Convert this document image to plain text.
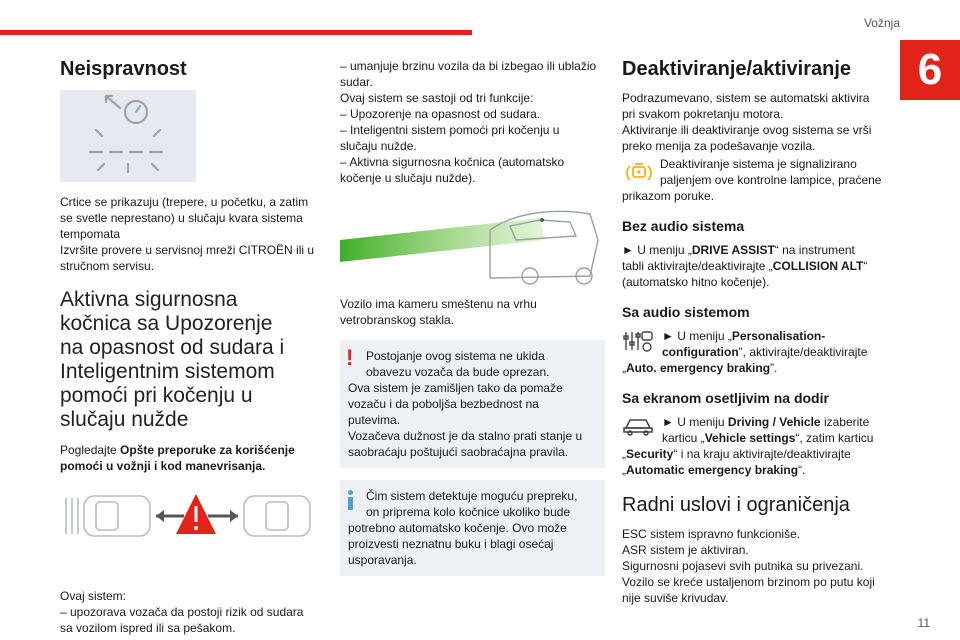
Vožnja
6
Neispravnost

Crtice se prikazuju (trepere, u početku, a zatim
se svetle neprestano) u slučaju kvara sistema
tempomata
Izvršite provere u servisnoj mreži CITROËN ili u
stručnom servisu.

Aktivna sigurnosna
kočnica sa Upozorenje
na opasnost od sudara i
Inteligentnim sistemom
pomoći pri kočenju u
slučaju nužde

Pogledajte Opšte preporuke za korišćenje
pomoći u vožnji i kod manevrisanja.

Ovaj sistem:
– upozorava vozača da postoji rizik od sudara
sa vozilom ispred ili sa pešakom.

– umanjuje brzinu vozila da bi izbegao ili ublažio
sudar.
Ovaj sistem se sastoji od tri funkcije:
– Upozorenje na opasnost od sudara.
– Inteligentni sistem pomoći pri kočenju u
slučaju nužde.
– Aktivna sigurnosna kočnica (automatsko
kočenje u slučaju nužde).

Vozilo ima kameru smeštenu na vrhu
vetrobranskog stakla.

!	Postojanje ovog sistema ne ukida
obavezu vozača da bude oprezan.

Ova sistem je zamišljen tako da pomaže
vozaču i da poboljša bezbednost na
putevima.
Vozačeva dužnost je da stalno prati stanje u
saobraćaju poštujući saobraćajna pravila.

Čim sistem detektuje moguću prepreku,
on priprema kolo kočnice ukoliko bude

potrebno automatsko kočenje. Ovo može
proizvesti neznatnu buku i blagi osećaj
usporavanja.

Deaktiviranje/aktiviranje

Podrazumevano, sistem se automatski aktivira
pri svakom pokretanju motora.
Aktiviranje ili deaktiviranje ovog sistema se vrši
preko menija za podešavanje vozila.

Deaktiviranje sistema je signalizirano
paljenjem ove kontrolne lampice, praćene

prikazom poruke.

Bez audio sistema

► U meniju „DRIVE ASSIST“ na instrument
tabli aktivirajte/deaktivirajte „COLLISION ALT“
(automatsko hitno kočenje).

Sa audio sistemom
► U meniju „Personalisation-
configuration”, aktivirajte/deaktivirajte

„Auto. emergency braking”.

Sa ekranom osetljivim na dodir
► U meniju Driving / Vehicle izaberite
karticu „Vehicle settings“, zatim karticu

„Security“ i na kraju aktivirajte/deaktivirajte
„Automatic emergency braking“.

Radni uslovi i ograničenja

ESC sistem ispravno funkcioniše.
ASR sistem je aktiviran.
Sigurnosni pojasevi svih putnika su privezani.
Vozilo se kreće ustaljenom brzinom po putu koji
nije suviše krivudav.

11
